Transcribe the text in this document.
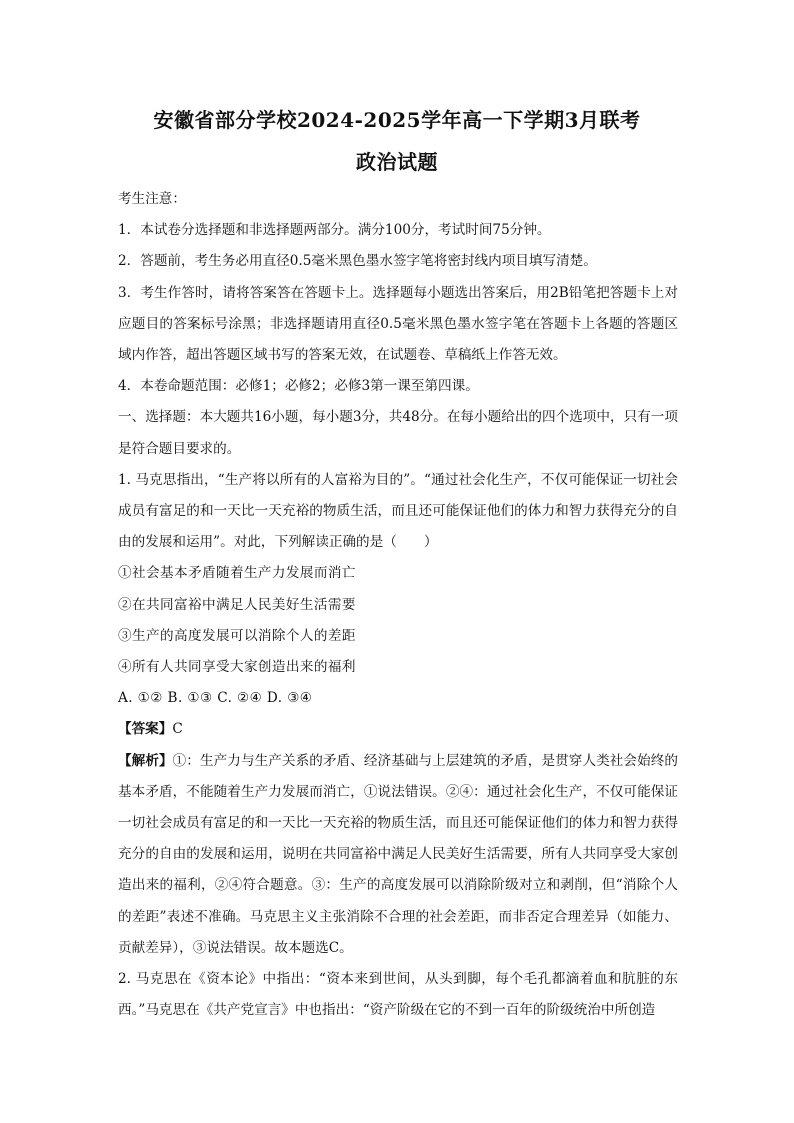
安徽省部分学校2024-2025学年高一下学期3月联考
政治试题

考生注意：

1．本试卷分选择题和非选择题两部分。满分100分，考试时间75分钟。

2．答题前，考生务必用直径0.5毫米黑色墨水签字笔将密封线内项目填写清楚。

3．考生作答时，请将答案答在答题卡上。选择题每小题选出答案后，用2B铅笔把答题卡上对应题目的答案标号涂黑；非选择题请用直径0.5毫米黑色墨水签字笔在答题卡上各题的答题区域内作答，超出答题区域书写的答案无效，在试题卷、草稿纸上作答无效。

4．本卷命题范围：必修1；必修2；必修3第一课至第四课。

一、选择题：本大题共16小题，每小题3分，共48分。在每小题给出的四个选项中，只有一项是符合题目要求的。

1. 马克思指出，“生产将以所有的人富裕为目的”。“通过社会化生产，不仅可能保证一切社会成员有富足的和一天比一天充裕的物质生活，而且还可能保证他们的体力和智力获得充分的自由的发展和运用”。对此，下列解读正确的是（　　）

①社会基本矛盾随着生产力发展而消亡

②在共同富裕中满足人民美好生活需要

③生产的高度发展可以消除个人的差距

④所有人共同享受大家创造出来的福利

A. ①② B. ①③ C. ②④ D. ③④

【答案】C

【解析】①：生产力与生产关系的矛盾、经济基础与上层建筑的矛盾，是贯穿人类社会始终的基本矛盾，不能随着生产力发展而消亡，①说法错误。②④：通过社会化生产，不仅可能保证一切社会成员有富足的和一天比一天充裕的物质生活，而且还可能保证他们的体力和智力获得充分的自由的发展和运用，说明在共同富裕中满足人民美好生活需要，所有人共同享受大家创造出来的福利，②④符合题意。③：生产的高度发展可以消除阶级对立和剥削，但“消除个人的差距”表述不准确。马克思主义主张消除不合理的社会差距，而非否定合理差异（如能力、贡献差异），③说法错误。故本题选C。

2. 马克思在《资本论》中指出：“资本来到世间，从头到脚，每个毛孔都滴着血和肮脏的东西。”马克思在《共产党宣言》中也指出：“资产阶级在它的不到一百年的阶级统治中所创造
